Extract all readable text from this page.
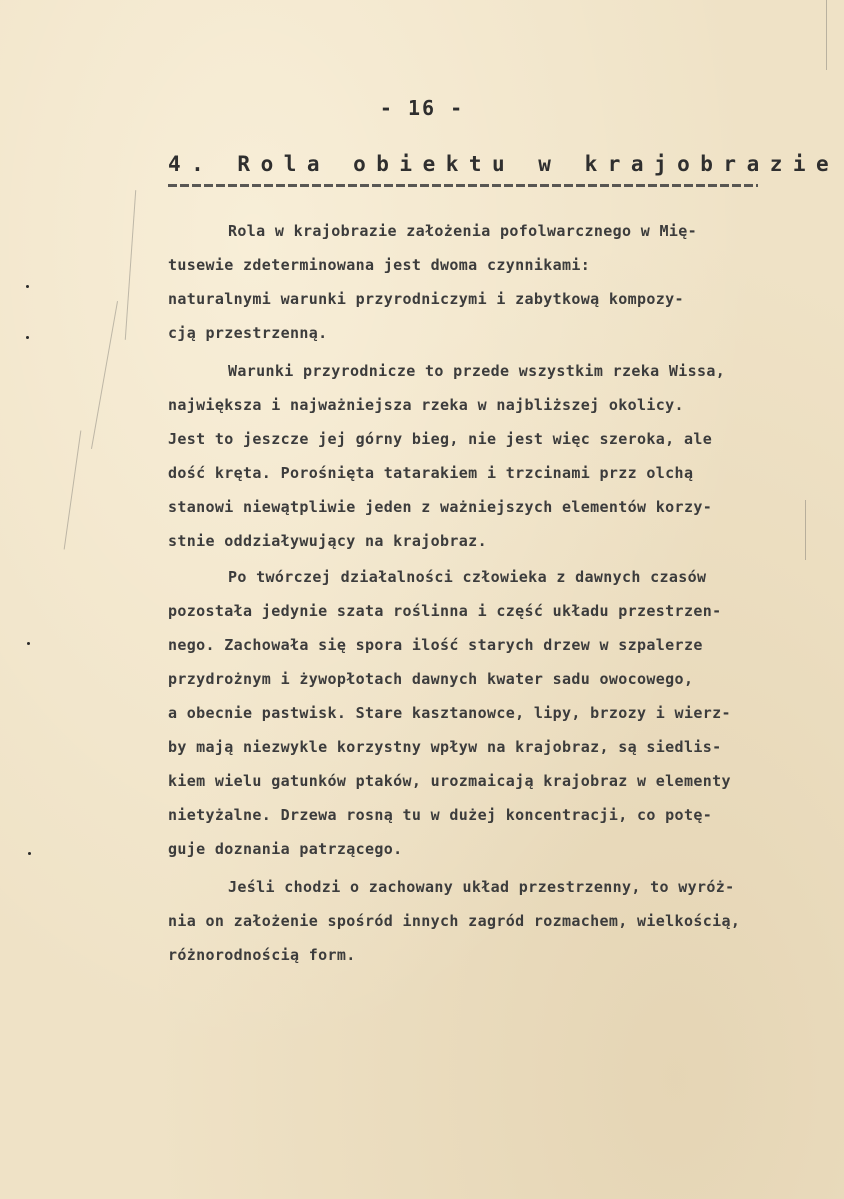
- 16 -
4. Rola obiektu w krajobrazie
Rola w krajobrazie założenia pofolwarcznego w Mię-
tusewie zdeterminowana jest dwoma czynnikami:
naturalnymi warunki przyrodniczymi i zabytkową kompozy-
cją przestrzenną.
Warunki przyrodnicze to przede wszystkim rzeka Wissa,
największa i najważniejsza rzeka w najbliższej okolicy.
Jest to jeszcze jej górny bieg, nie jest więc szeroka, ale
dość kręta. Porośnięta tatarakiem i trzcinami przz olchą
stanowi niewątpliwie jeden z ważniejszych elementów korzy-
stnie oddziaływujący na krajobraz.
Po twórczej działalności człowieka z dawnych czasów
pozostała jedynie szata roślinna i część układu przestrzen-
nego. Zachowała się spora ilość starych drzew w szpalerze
przydrożnym i żywopłotach dawnych kwater sadu owocowego,
a obecnie pastwisk. Stare kasztanowce, lipy, brzozy i wierz-
by mają niezwykle korzystny wpływ na krajobraz, są siedlis-
kiem wielu gatunków ptaków, urozmaicają krajobraz w elementy
nietyżalne. Drzewa rosną tu w dużej koncentracji, co potę-
guje doznania patrzącego.
Jeśli chodzi o zachowany układ przestrzenny, to wyróż-
nia on założenie spośród innych zagród rozmachem, wielkością,
różnorodnością form.
